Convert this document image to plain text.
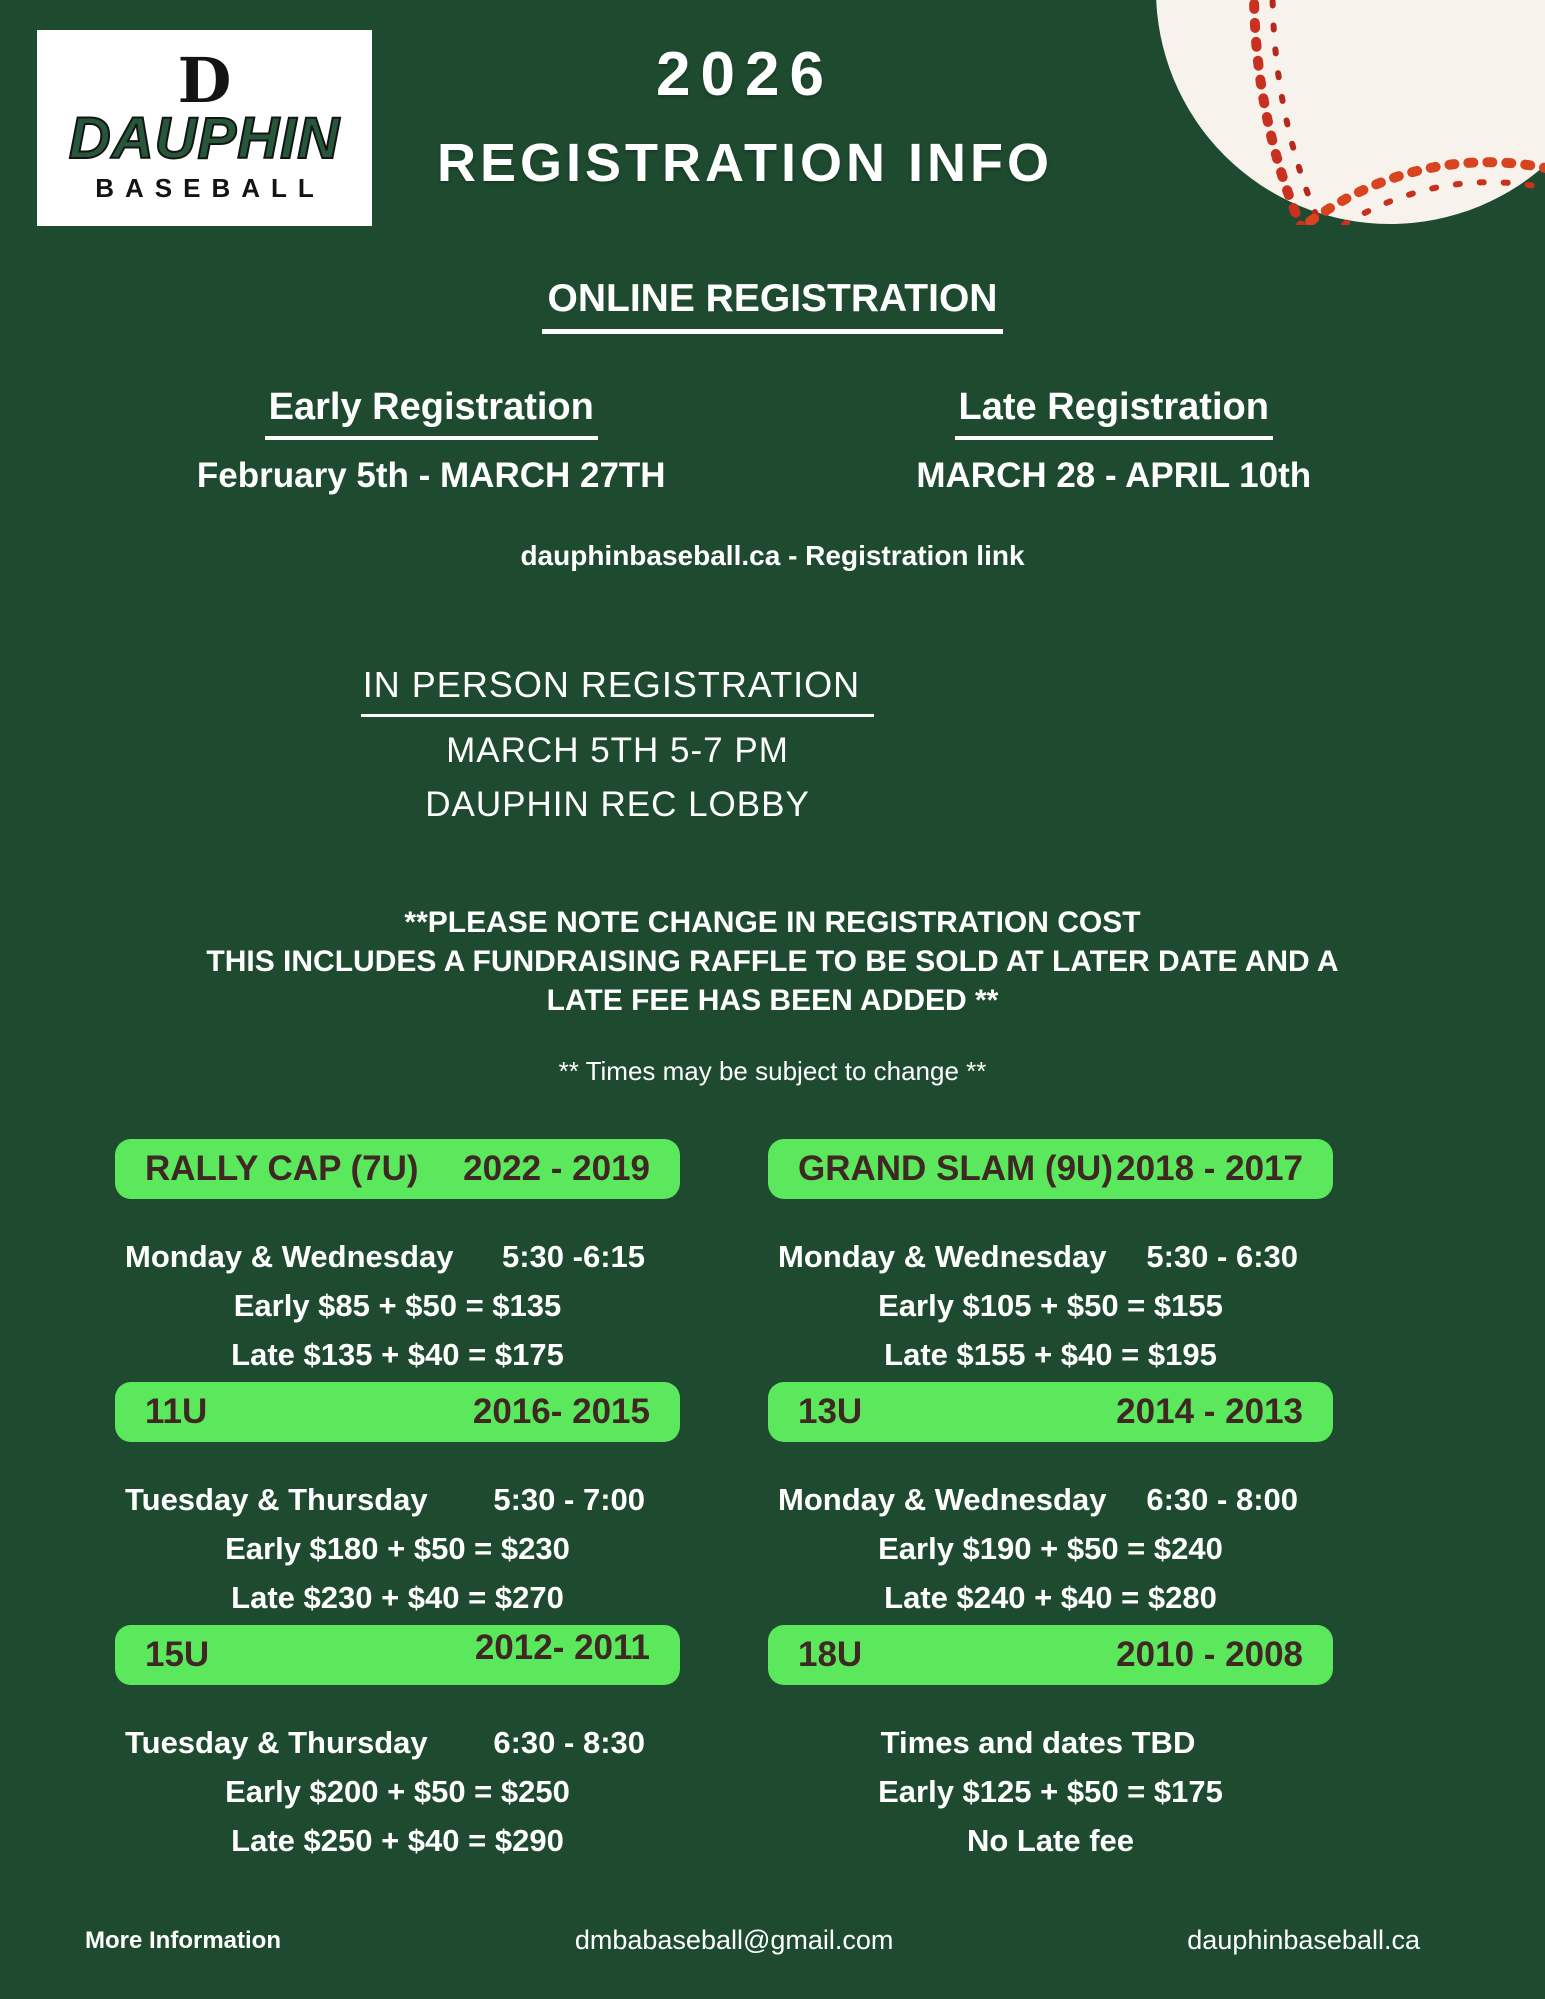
D
DAUPHIN
BASEBALL
2026
REGISTRATION INFO
ONLINE REGISTRATION
Early Registration
February 5th - MARCH 27TH
Late Registration
MARCH 28 - APRIL 10th
dauphinbaseball.ca - Registration link
IN PERSON REGISTRATION
MARCH 5TH 5-7 PM
DAUPHIN REC LOBBY
**PLEASE NOTE CHANGE IN REGISTRATION COST
THIS INCLUDES A FUNDRAISING RAFFLE TO BE SOLD AT LATER DATE AND A
LATE FEE HAS BEEN ADDED **
** Times may be subject to change **
RALLY CAP (7U) 2022 - 2019
Monday & Wednesday 5:30 -6:15
Early $85 + $50 = $135
Late $135 + $40 = $175
GRAND SLAM (9U) 2018 - 2017
Monday & Wednesday 5:30 - 6:30
Early $105 + $50 = $155
Late $155 + $40 = $195
11U	2016- 2015
Tuesday & Thursday 5:30 - 7:00
Early $180 + $50 = $230
Late $230 + $40 = $270
13U	2014 - 2013
Monday & Wednesday 6:30 - 8:00
Early $190 + $50 = $240
Late $240 + $40 = $280
15U	2012- 2011
Tuesday & Thursday 6:30 - 8:30
Early $200 + $50 = $250
Late $250 + $40 = $290
18U	2010 - 2008
Times and dates TBD
Early $125 + $50 = $175
No Late fee
More Information	dmbabaseball@gmail.com	dauphinbaseball.ca
